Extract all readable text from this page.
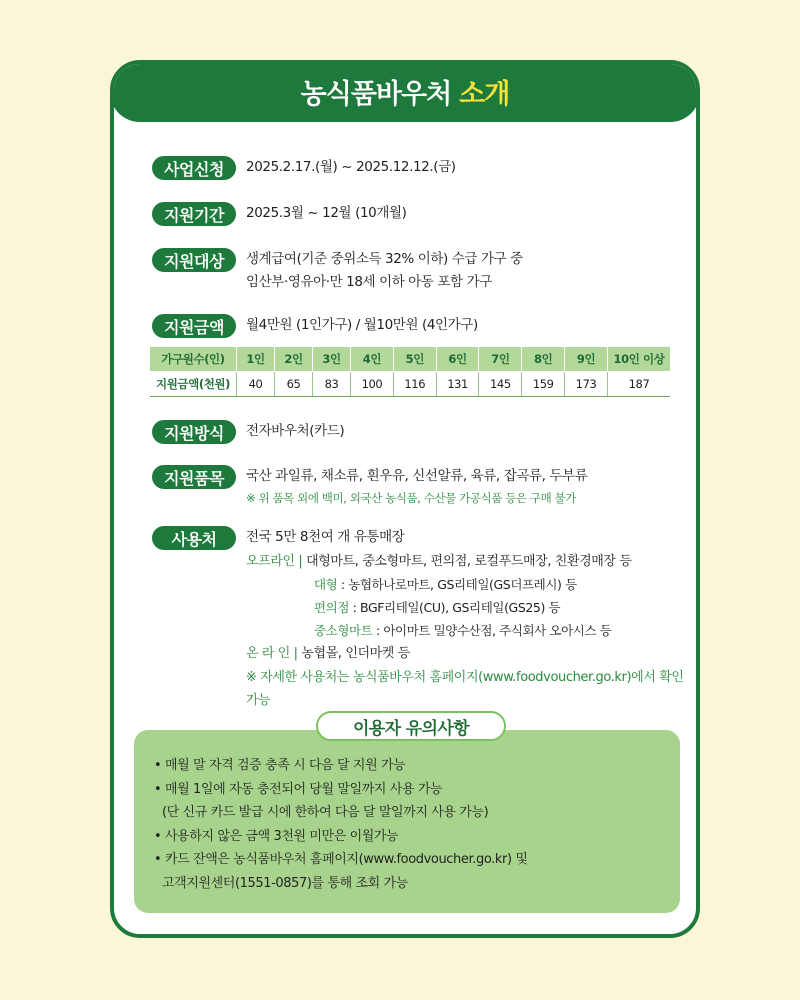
농식품바우처 소개
사업신청	2025.2.17.(월) ~ 2025.12.12.(금)
지원기간	2025.3월 ~ 12월 (10개월)
지원대상	생계급여(기준 중위소득 32% 이하) 수급 가구 중
임산부·영유아·만 18세 이하 아동 포함 가구
지원금액	월4만원 (1인가구) / 월10만원 (4인가구)
가구원수(인)	1인	2인	3인	4인	5인	6인	7인	8인	9인	10인 이상
지원금액(천원)	40	65	83	100	116	131	145	159	173	187
지원방식	전자바우처(카드)
지원품목	국산 과일류, 채소류, 흰우유, 신선알류, 육류, 잡곡류, 두부류
※ 위 품목 외에 백미, 외국산 농식품, 수산물 가공식품 등은 구매 불가
사용처	전국 5만 8천여 개 유통매장
오프라인 | 대형마트, 중소형마트, 편의점, 로컬푸드매장, 친환경매장 등
대형 : 농협하나로마트, GS리테일(GS더프레시) 등
편의점 : BGF리테일(CU), GS리테일(GS25) 등
중소형마트 : 아이마트 밀양수산점, 주식회사 오아시스 등
온 라 인 | 농협몰, 인더마켓 등
※ 자세한 사용처는 농식품바우처 홈페이지(www.foodvoucher.go.kr)에서 확인 가능
이용자 유의사항
• 매월 말 자격 검증 충족 시 다음 달 지원 가능
• 매월 1일에 자동 충전되어 당월 말일까지 사용 가능
(단 신규 카드 발급 시에 한하여 다음 달 말일까지 사용 가능)
• 사용하지 않은 금액 3천원 미만은 이월가능
• 카드 잔액은 농식품바우처 홈페이지(www.foodvoucher.go.kr) 및
고객지원센터(1551-0857)를 통해 조회 가능
